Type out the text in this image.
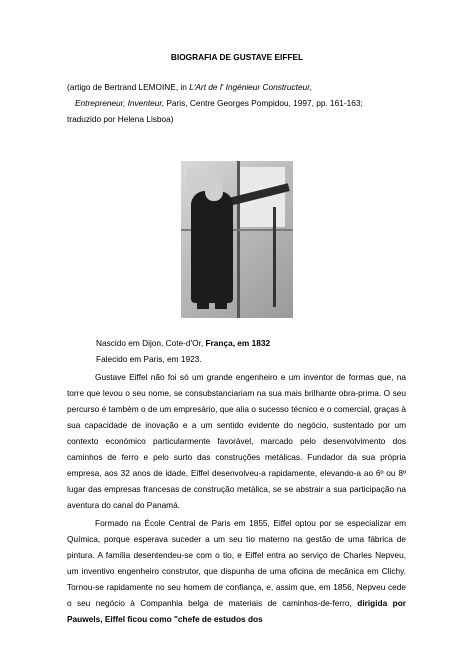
BIOGRAFIA DE GUSTAVE EIFFEL
(artigo de Bertrand LEMOINE, in L'Art de l' Ingénieur Constructeur,
Entrepreneur, Inventeur, Paris, Centre Georges Pompidou, 1997, pp. 161-163;
traduzido por Helena Lisboa)

Nascido em Dijon, Cote-d'Or, França, em 1832

Falecido em Paris, em 1923.

Gustave Eiffel não foi só um grande engenheiro e um inventor de formas que, na torre que levou o seu nome, se consubstanciariam na sua mais brilhante obra-prima. O seu percurso é também o de um empresário, que alia o sucesso técnico e o comercial, graças à sua capacidade de inovação e a um sentido evidente do negócio, sustentado por um contexto económico particularmente favorável, marcado pelo desenvolvimento dos caminhos de ferro e pelo surto das construções metálicas. Fundador da sua própria empresa, aos 32 anos de idade, Eiffel desenvolveu-a rapidamente, elevando-a ao 6º ou 8º lugar das empresas francesas de construção metálica, se se abstrair a sua participação na aventura do canal do Panamá.

Formado na École Central de Paris em 1855, Eiffel optou por se especializar em Química, porque esperava suceder a um seu tio materno na gestão de uma fábrica de pintura. A família desentendeu-se com o tio, e Eiffel entra ao serviço de Charles Nepveu, um inventivo engenheiro construtor, que dispunha de uma oficina de mecânica em Clichy. Tornou-se rapidamente no seu homem de confiança, e, assim que, em 1856, Nepveu cede o seu negócio à Companhia belga de materiais de caminhos-de-ferro, dirigida por Pauwels, Eiffel ficou como "chefe de estudos dos
